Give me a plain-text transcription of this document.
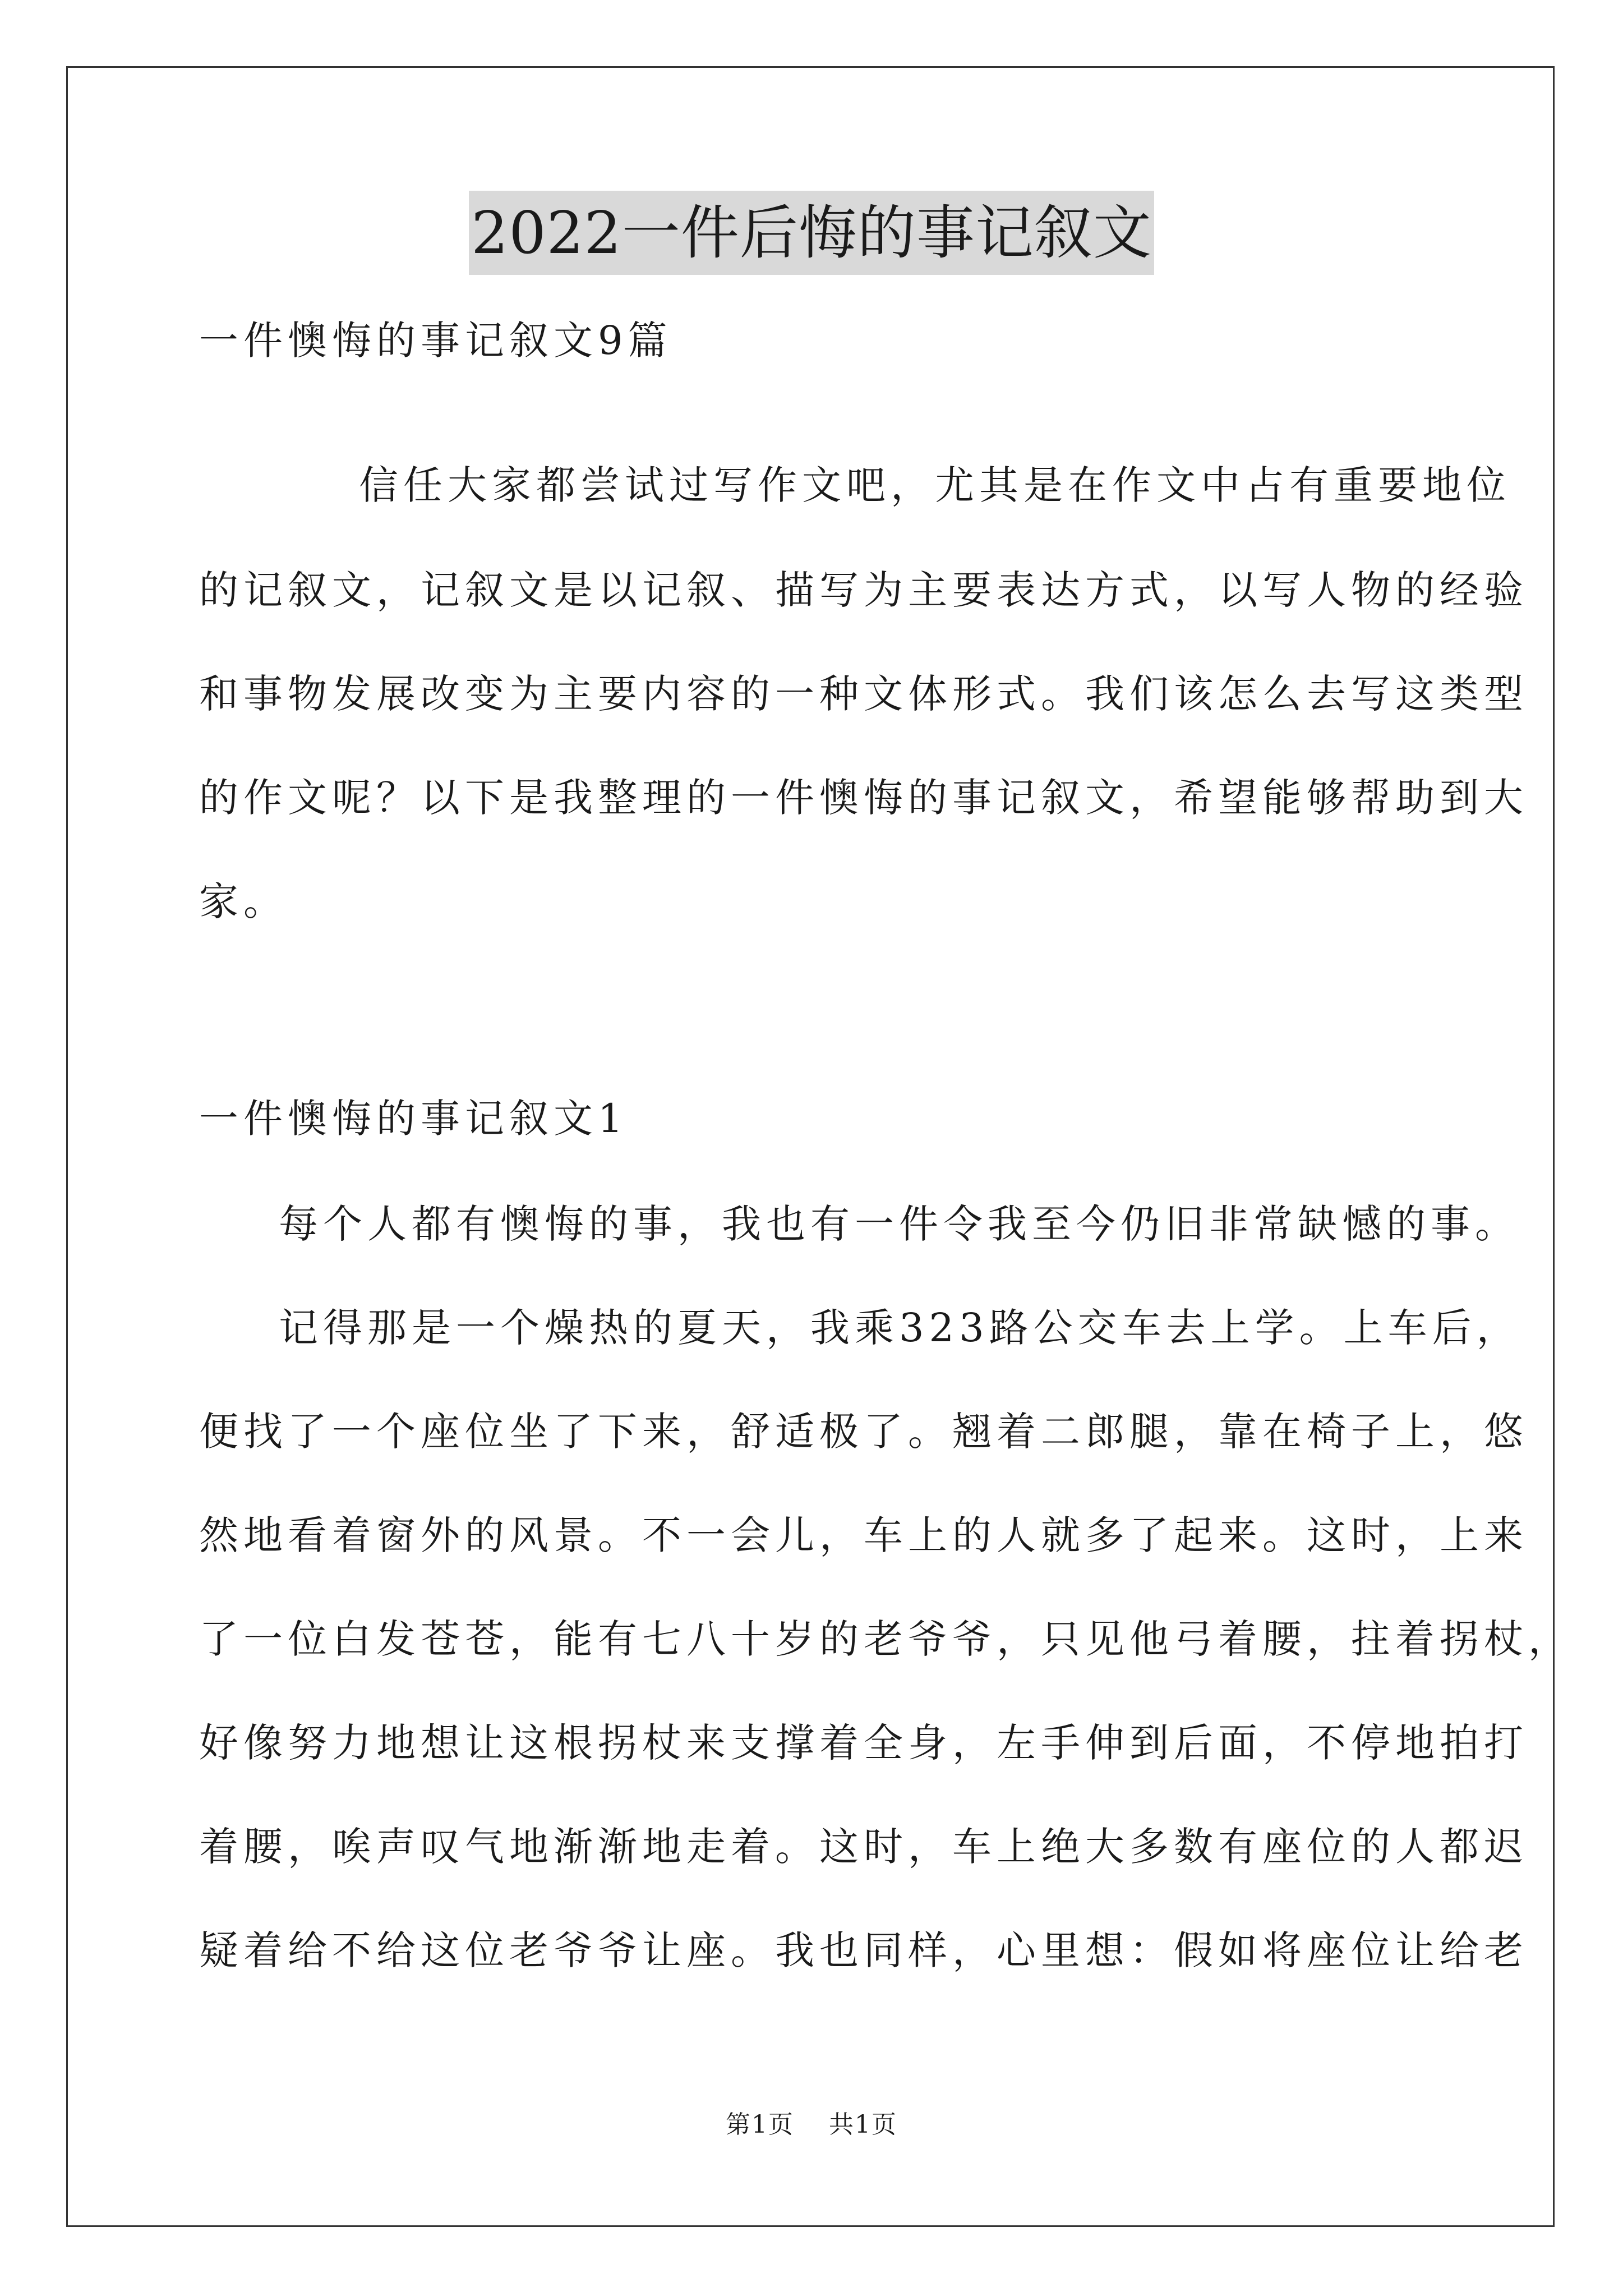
2022一件后悔的事记叙文
一件懊悔的事记叙文9篇
信任大家都尝试过写作文吧，尤其是在作文中占有重要地位
的记叙文，记叙文是以记叙、描写为主要表达方式，以写人物的经验
和事物发展改变为主要内容的一种文体形式。我们该怎么去写这类型
的作文呢？以下是我整理的一件懊悔的事记叙文，希望能够帮助到大
家。
一件懊悔的事记叙文1
每个人都有懊悔的事，我也有一件令我至今仍旧非常缺憾的事。
记得那是一个燥热的夏天，我乘323路公交车去上学。上车后，
便找了一个座位坐了下来，舒适极了。翘着二郎腿，靠在椅子上，悠
然地看着窗外的风景。不一会儿，车上的人就多了起来。这时，上来
了一位白发苍苍，能有七八十岁的老爷爷，只见他弓着腰，拄着拐杖，
好像努力地想让这根拐杖来支撑着全身，左手伸到后面，不停地拍打
着腰，唉声叹气地渐渐地走着。这时，车上绝大多数有座位的人都迟
疑着给不给这位老爷爷让座。我也同样，心里想：假如将座位让给老
第1页 共1页
